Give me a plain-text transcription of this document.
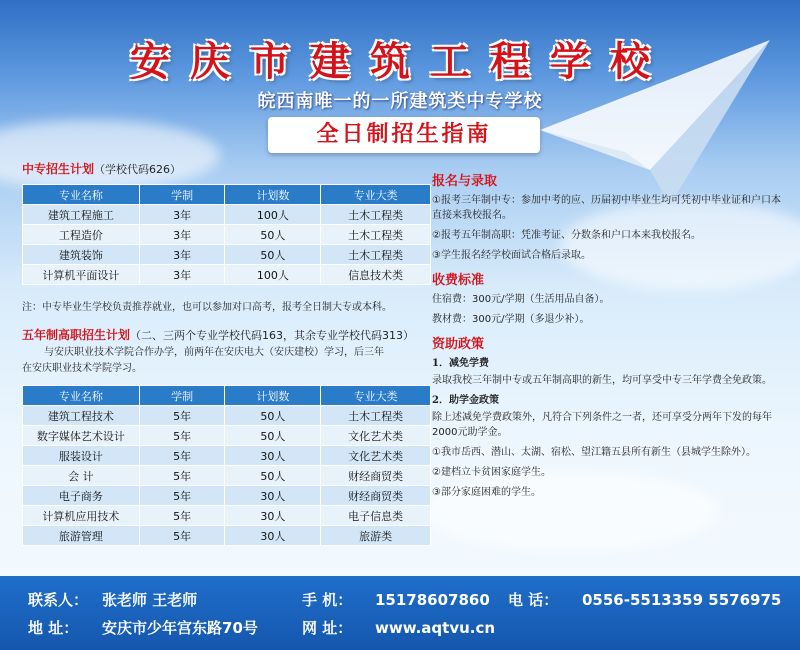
安庆市建筑工程学校
皖西南唯一的一所建筑类中专学校
全日制招生指南
中专招生计划（学校代码626）
专业名称	学制	计划数	专业大类
建筑工程施工	3年	100人	土木工程类
工程造价	3年	50人	土木工程类
建筑装饰	3年	50人	土木工程类
计算机平面设计	3年	100人	信息技术类
注：中专毕业生学校负责推荐就业，也可以参加对口高考，报考全日制大专或本科。
五年制高职招生计划（二、三两个专业学校代码163，其余专业学校代码313）
与安庆职业技术学院合作办学，前两年在安庆电大（安庆建校）学习，后三年
在安庆职业技术学院学习。
专业名称	学制	计划数	专业大类
建筑工程技术	5年	50人	土木工程类
数字媒体艺术设计	5年	50人	文化艺术类
服装设计	5年	30人	文化艺术类
会 计	5年	50人	财经商贸类
电子商务	5年	30人	财经商贸类
计算机应用技术	5年	30人	电子信息类
旅游管理	5年	30人	旅游类
报名与录取
①报考三年制中专：参加中考的应、历届初中毕业生均可凭初中毕业证和户口本直接来我校报名。
②报考五年制高职：凭准考证、分数条和户口本来我校报名。
③学生报名经学校面试合格后录取。
收费标准
住宿费：300元/学期（生活用品自备）。
教材费：300元/学期（多退少补）。
资助政策
1．减免学费
录取我校三年制中专或五年制高职的新生，均可享受中专三年学费全免政策。
2．助学金政策
除上述减免学费政策外，凡符合下列条件之一者，还可享受分两年下发的每年2000元助学金。
①我市岳西、潜山、太湖、宿松、望江籍五县所有新生（县城学生除外）。
②建档立卡贫困家庭学生。
③部分家庭困难的学生。
联系人： 张老师 王老师	手 机： 15178607860 电 话： 0556-5513359 5576975
地 址： 安庆市少年宫东路70号	网 址： www.aqtvu.cn
